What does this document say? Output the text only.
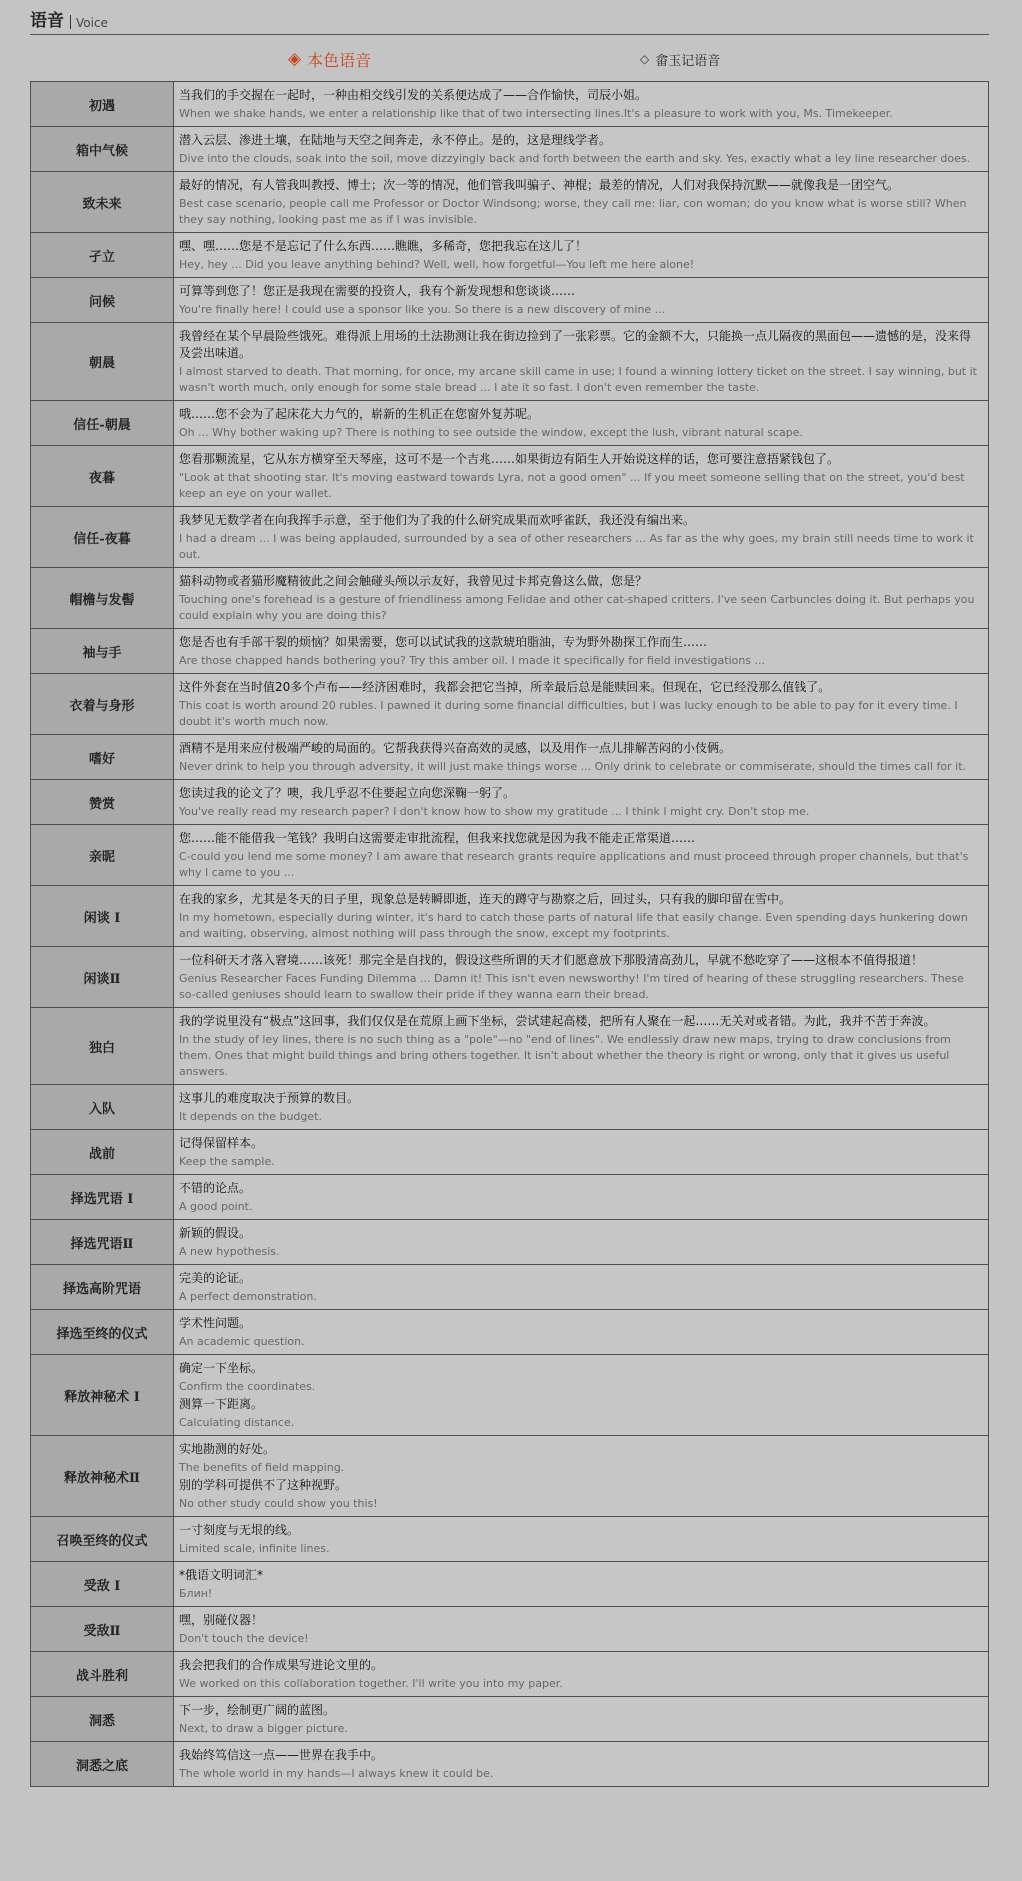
语音 Voice
◈ 本色语音	◇ 畲玉记语音
初遇	当我们的手交握在一起时，一种由相交线引发的关系便达成了——合作愉快，司辰小姐。
When we shake hands, we enter a relationship like that of two intersecting lines.It's a pleasure to work with you, Ms. Timekeeper.

箱中气候	潜入云层、渗进土壤，在陆地与天空之间奔走，永不停止。是的，这是理线学者。
Dive into the clouds, soak into the soil, move dizzyingly back and forth between the earth and sky. Yes, exactly what a ley line researcher does.

致未来	最好的情况，有人管我叫教授、博士；次一等的情况，他们管我叫骗子、神棍；最差的情况，人们对我保持沉默——就像我是一团空气。
Best case scenario, people call me Professor or Doctor Windsong; worse, they call me: liar, con woman; do you know what is worse still? When they say nothing, looking past me as if I was invisible.

孑立	嘿、嘿……您是不是忘记了什么东西……瞧瞧，多稀奇，您把我忘在这儿了！
Hey, hey ... Did you leave anything behind? Well, well, how forgetful—You left me here alone!

问候	可算等到您了！您正是我现在需要的投资人，我有个新发现想和您谈谈……
You're finally here! I could use a sponsor like you. So there is a new discovery of mine ...

朝晨	我曾经在某个早晨险些饿死。难得派上用场的土法勘测让我在街边捡到了一张彩票。它的金额不大，只能换一点儿隔夜的黑面包——遗憾的是，没来得及尝出味道。
I almost starved to death. That morning, for once, my arcane skill came in use; I found a winning lottery ticket on the street. I say winning, but it wasn't worth much, only enough for some stale bread ... I ate it so fast. I don't even remember the taste.

信任-朝晨	哦……您不会为了起床花大力气的，崭新的生机正在您窗外复苏呢。
Oh ... Why bother waking up? There is nothing to see outside the window, except the lush, vibrant natural scape.

夜暮	您看那颗流星，它从东方横穿至天琴座，这可不是一个吉兆……如果街边有陌生人开始说这样的话，您可要注意捂紧钱包了。
"Look at that shooting star. It's moving eastward towards Lyra, not a good omen" ... If you meet someone selling that on the street, you'd best keep an eye on your wallet.

信任-夜暮	我梦见无数学者在向我挥手示意，至于他们为了我的什么研究成果而欢呼雀跃，我还没有编出来。
I had a dream ... I was being applauded, surrounded by a sea of other researchers ... As far as the why goes, my brain still needs time to work it out.

帽檐与发髻	猫科动物或者猫形魔精彼此之间会触碰头颅以示友好，我曾见过卡邦克鲁这么做，您是？
Touching one's forehead is a gesture of friendliness among Felidae and other cat-shaped critters. I've seen Carbuncles doing it. But perhaps you could explain why you are doing this?

袖与手	您是否也有手部干裂的烦恼？如果需要，您可以试试我的这款琥珀脂油，专为野外勘探工作而生……
Are those chapped hands bothering you? Try this amber oil. I made it specifically for field investigations ...

衣着与身形	这件外套在当时值20多个卢布——经济困难时，我都会把它当掉，所幸最后总是能赎回来。但现在，它已经没那么值钱了。
This coat is worth around 20 rubles. I pawned it during some financial difficulties, but I was lucky enough to be able to pay for it every time. I doubt it's worth much now.

嗜好	酒精不是用来应付极端严峻的局面的。它帮我获得兴奋高效的灵感，以及用作一点儿排解苦闷的小伎俩。
Never drink to help you through adversity, it will just make things worse ... Only drink to celebrate or commiserate, should the times call for it.

赞赏	您读过我的论文了？噢，我几乎忍不住要起立向您深鞠一躬了。
You've really read my research paper? I don't know how to show my gratitude ... I think I might cry. Don't stop me.

亲昵	您……能不能借我一笔钱？我明白这需要走审批流程，但我来找您就是因为我不能走正常渠道……
C-could you lend me some money? I am aware that research grants require applications and must proceed through proper channels, but that's why I came to you ...

闲谈 I	在我的家乡，尤其是冬天的日子里，现象总是转瞬即逝，连天的蹲守与勘察之后，回过头，只有我的脚印留在雪中。
In my hometown, especially during winter, it's hard to catch those parts of natural life that easily change. Even spending days hunkering down and waiting, observing, almost nothing will pass through the snow, except my footprints.

闲谈Ⅱ	一位科研天才落入窘境……该死！那完全是自找的，假设这些所谓的天才们愿意放下那股清高劲儿，早就不愁吃穿了——这根本不值得报道！
Genius Researcher Faces Funding Dilemma ... Damn it! This isn't even newsworthy! I'm tired of hearing of these struggling researchers. These so-called geniuses should learn to swallow their pride if they wanna earn their bread.

独白	我的学说里没有“极点”这回事，我们仅仅是在荒原上画下坐标，尝试建起高楼，把所有人聚在一起……无关对或者错。为此，我并不苦于奔波。
In the study of ley lines, there is no such thing as a "pole"—no "end of lines". We endlessly draw new maps, trying to draw conclusions from them. Ones that might build things and bring others together. It isn't about whether the theory is right or wrong, only that it gives us useful answers.

入队	这事儿的难度取决于预算的数目。
It depends on the budget.

战前	记得保留样本。
Keep the sample.

择选咒语 I	不错的论点。
A good point.

择选咒语Ⅱ	新颖的假设。
A new hypothesis.

择选高阶咒语	完美的论证。
A perfect demonstration.

择选至终的仪式	学术性问题。
An academic question.

释放神秘术 I	确定一下坐标。
Confirm the coordinates.
测算一下距离。
Calculating distance.

释放神秘术Ⅱ	实地勘测的好处。
The benefits of field mapping.
别的学科可提供不了这种视野。
No other study could show you this!

召唤至终的仪式	一寸刻度与无垠的线。
Limited scale, infinite lines.

受敌 I	*俄语文明词汇*
Блин!

受敌Ⅱ	嘿，别碰仪器！
Don't touch the device!

战斗胜利	我会把我们的合作成果写进论文里的。
We worked on this collaboration together. I'll write you into my paper.

洞悉	下一步，绘制更广阔的蓝图。
Next, to draw a bigger picture.

洞悉之底	我始终笃信这一点——世界在我手中。
The whole world in my hands—I always knew it could be.
